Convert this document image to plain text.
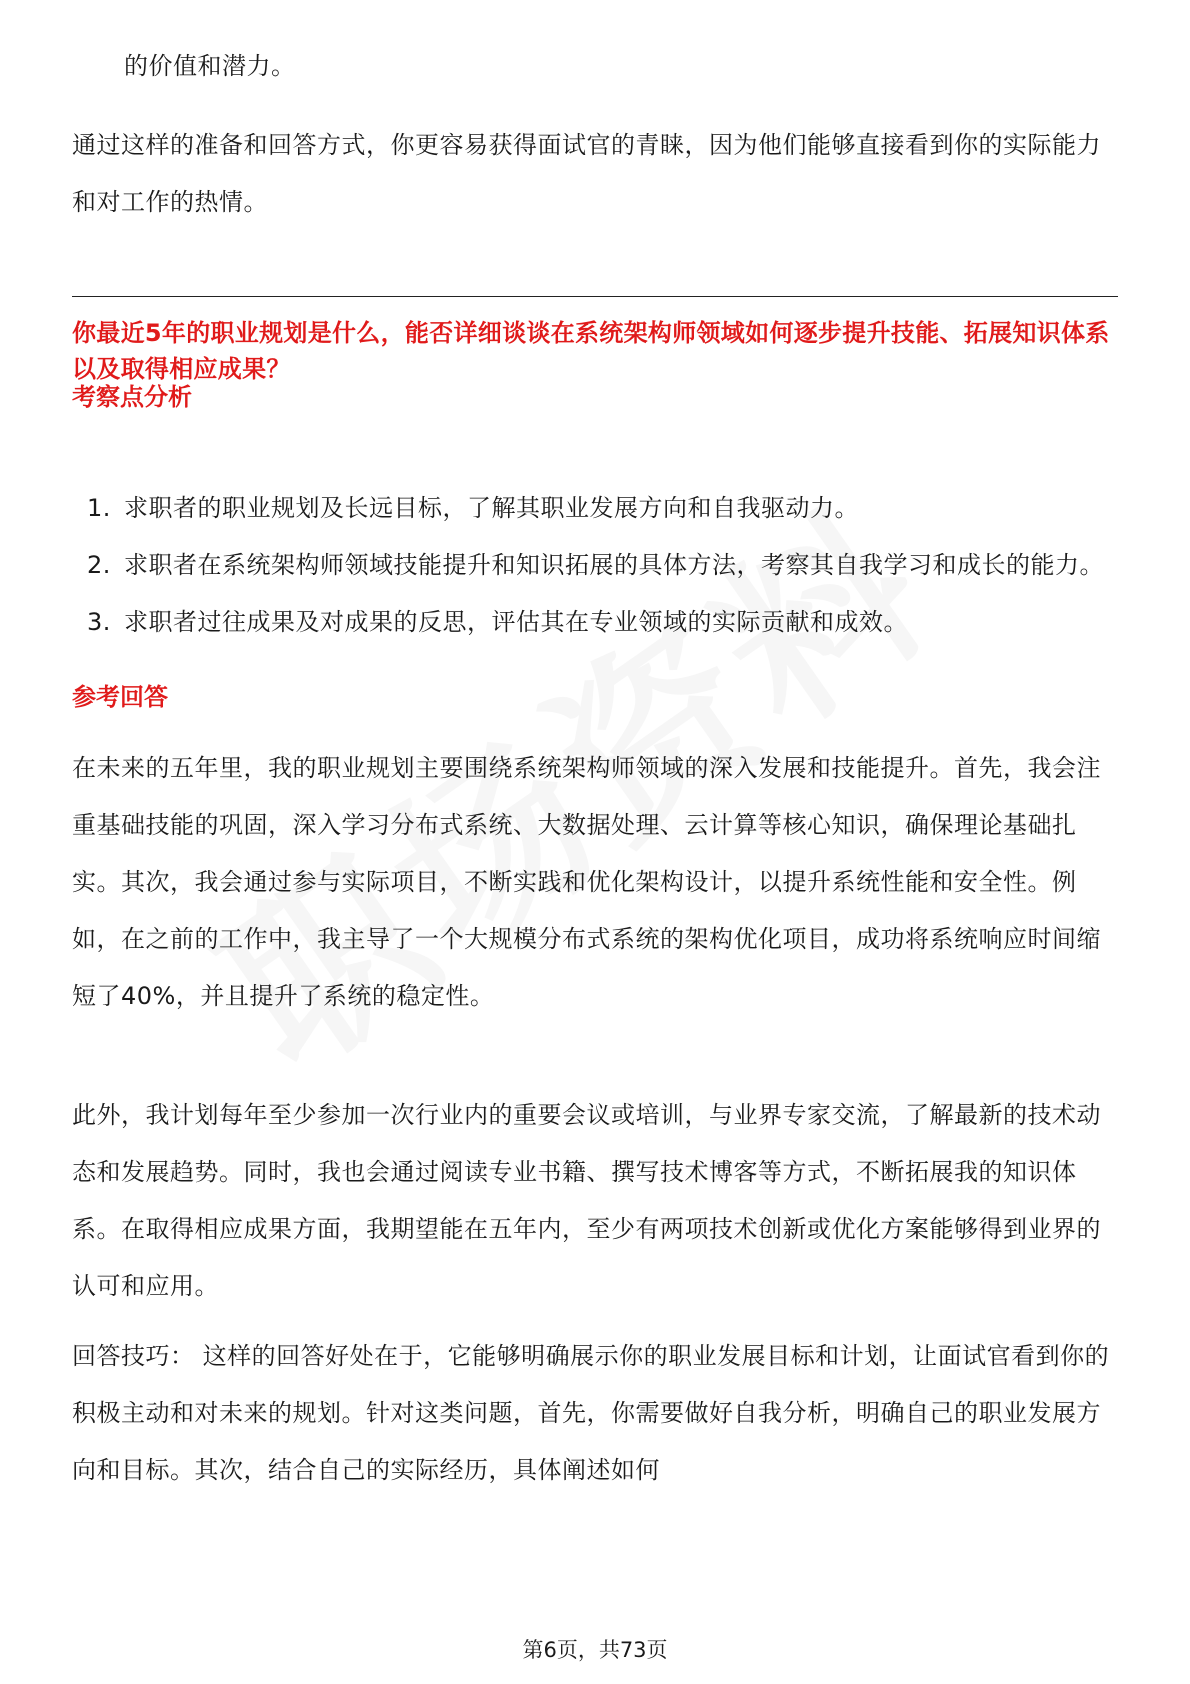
的价值和潜力。

通过这样的准备和回答方式，你更容易获得面试官的青睐，因为他们能够直接看到你的实际能力和对工作的热情。

你最近5年的职业规划是什么，能否详细谈谈在系统架构师领域如何逐步提升技能、拓展知识体系以及取得相应成果？

考察点分析

1. 求职者的职业规划及长远目标，了解其职业发展方向和自我驱动力。
2. 求职者在系统架构师领域技能提升和知识拓展的具体方法，考察其自我学习和成长的能力。
3. 求职者过往成果及对成果的反思，评估其在专业领域的实际贡献和成效。

参考回答

在未来的五年里，我的职业规划主要围绕系统架构师领域的深入发展和技能提升。首先，我会注重基础技能的巩固，深入学习分布式系统、大数据处理、云计算等核心知识，确保理论基础扎实。其次，我会通过参与实际项目，不断实践和优化架构设计，以提升系统性能和安全性。例如，在之前的工作中，我主导了一个大规模分布式系统的架构优化项目，成功将系统响应时间缩短了40%，并且提升了系统的稳定性。

此外，我计划每年至少参加一次行业内的重要会议或培训，与业界专家交流，了解最新的技术动态和发展趋势。同时，我也会通过阅读专业书籍、撰写技术博客等方式，不断拓展我的知识体系。在取得相应成果方面，我期望能在五年内，至少有两项技术创新或优化方案能够得到业界的认可和应用。

回答技巧： 这样的回答好处在于，它能够明确展示你的职业发展目标和计划，让面试官看到你的积极主动和对未来的规划。针对这类问题，首先，你需要做好自我分析，明确自己的职业发展方向和目标。其次，结合自己的实际经历，具体阐述如何

第6页，共73页
